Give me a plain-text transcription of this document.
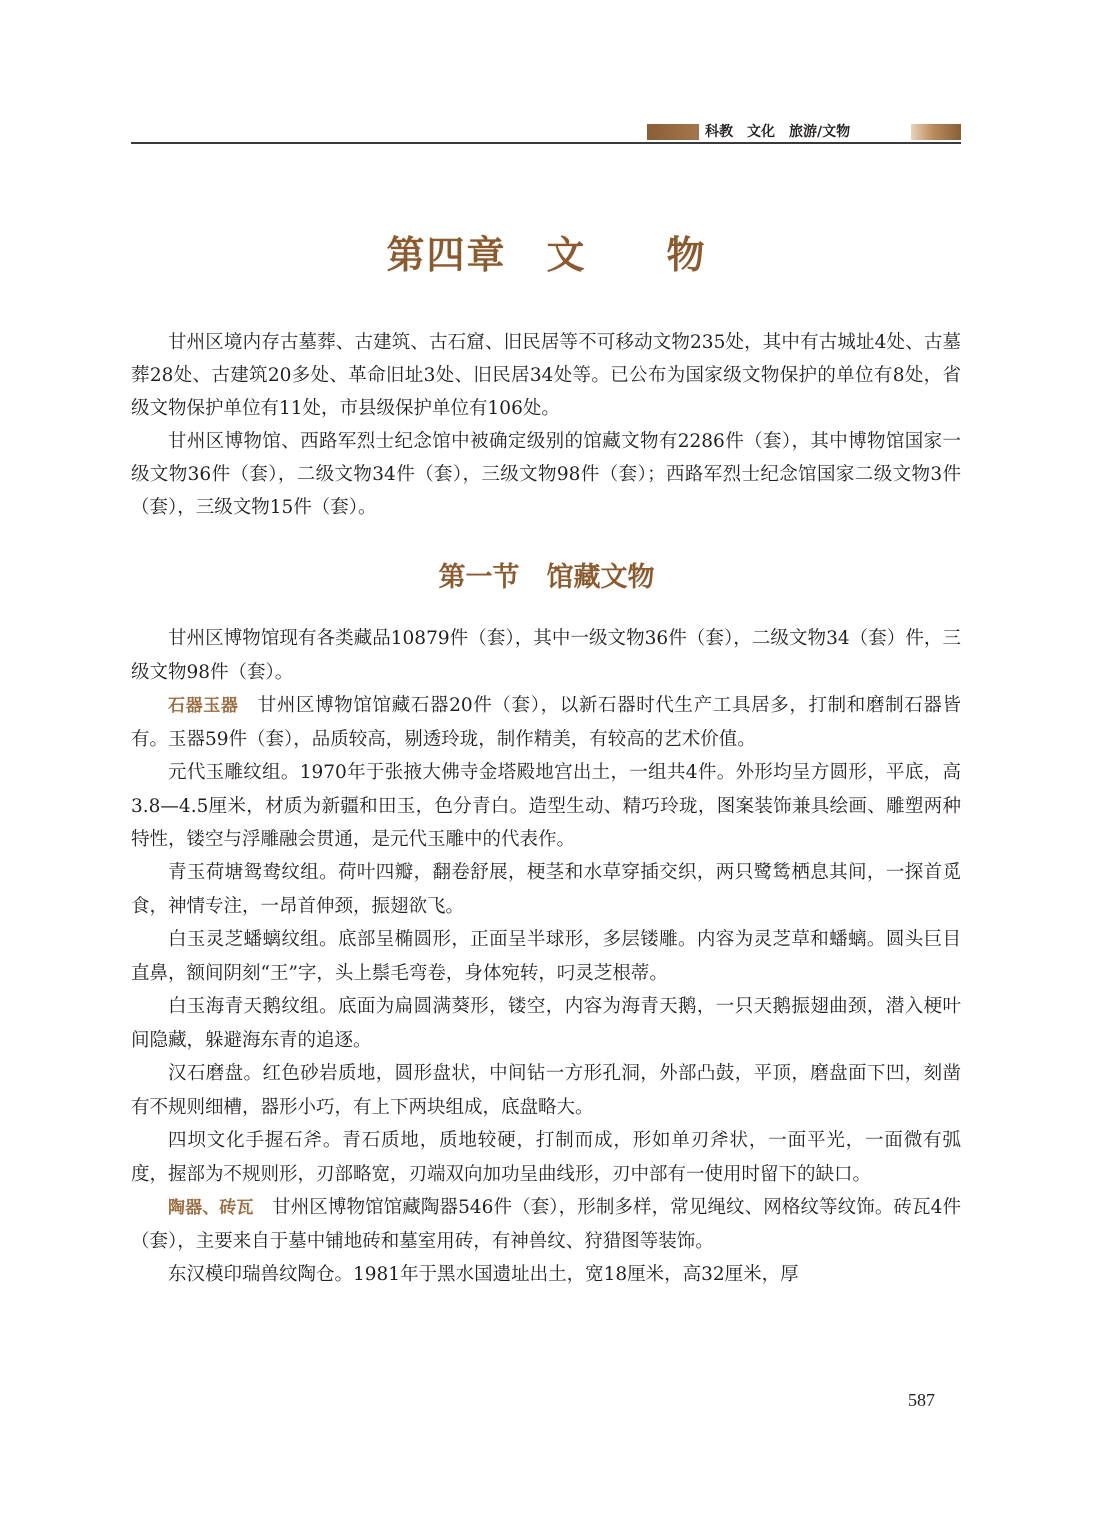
科教　文化　旅游∕文物
第四章　文　　物

甘州区境内存古墓葬、古建筑、古石窟、旧民居等不可移动文物235处，其中有古城址4处、古墓葬28处、古建筑20多处、革命旧址3处、旧民居34处等。已公布为国家级文物保护的单位有8处，省级文物保护单位有11处，市县级保护单位有106处。

甘州区博物馆、西路军烈士纪念馆中被确定级别的馆藏文物有2286件（套），其中博物馆国家一级文物36件（套），二级文物34件（套），三级文物98件（套）；西路军烈士纪念馆国家二级文物3件（套），三级文物15件（套）。

第一节　馆藏文物

甘州区博物馆现有各类藏品10879件（套），其中一级文物36件（套），二级文物34（套）件，三级文物98件（套）。

石器玉器　甘州区博物馆馆藏石器20件（套），以新石器时代生产工具居多，打制和磨制石器皆有。玉器59件（套），品质较高，剔透玲珑，制作精美，有较高的艺术价值。

元代玉雕纹组。1970年于张掖大佛寺金塔殿地宫出土，一组共4件。外形均呈方圆形，平底，高3.8—4.5厘米，材质为新疆和田玉，色分青白。造型生动、精巧玲珑，图案装饰兼具绘画、雕塑两种特性，镂空与浮雕融会贯通，是元代玉雕中的代表作。

青玉荷塘鸳鸯纹组。荷叶四瓣，翻卷舒展，梗茎和水草穿插交织，两只鹭鸶栖息其间，一探首觅食，神情专注，一昂首伸颈，振翅欲飞。

白玉灵芝蟠螭纹组。底部呈椭圆形，正面呈半球形，多层镂雕。内容为灵芝草和蟠螭。圆头巨目直鼻，额间阴刻“王”字，头上鬃毛弯卷，身体宛转，叼灵芝根蒂。

白玉海青天鹅纹组。底面为扁圆满葵形，镂空，内容为海青天鹅，一只天鹅振翅曲颈，潜入梗叶间隐藏，躲避海东青的追逐。

汉石磨盘。红色砂岩质地，圆形盘状，中间钻一方形孔洞，外部凸鼓，平顶，磨盘面下凹，刻凿有不规则细槽，器形小巧，有上下两块组成，底盘略大。

四坝文化手握石斧。青石质地，质地较硬，打制而成，形如单刃斧状，一面平光，一面微有弧度，握部为不规则形，刃部略宽，刃端双向加功呈曲线形，刃中部有一使用时留下的缺口。

陶器、砖瓦　甘州区博物馆馆藏陶器546件（套），形制多样，常见绳纹、网格纹等纹饰。砖瓦4件（套），主要来自于墓中铺地砖和墓室用砖，有神兽纹、狩猎图等装饰。

东汉模印瑞兽纹陶仓。1981年于黑水国遗址出土，宽18厘米，高32厘米，厚

587
